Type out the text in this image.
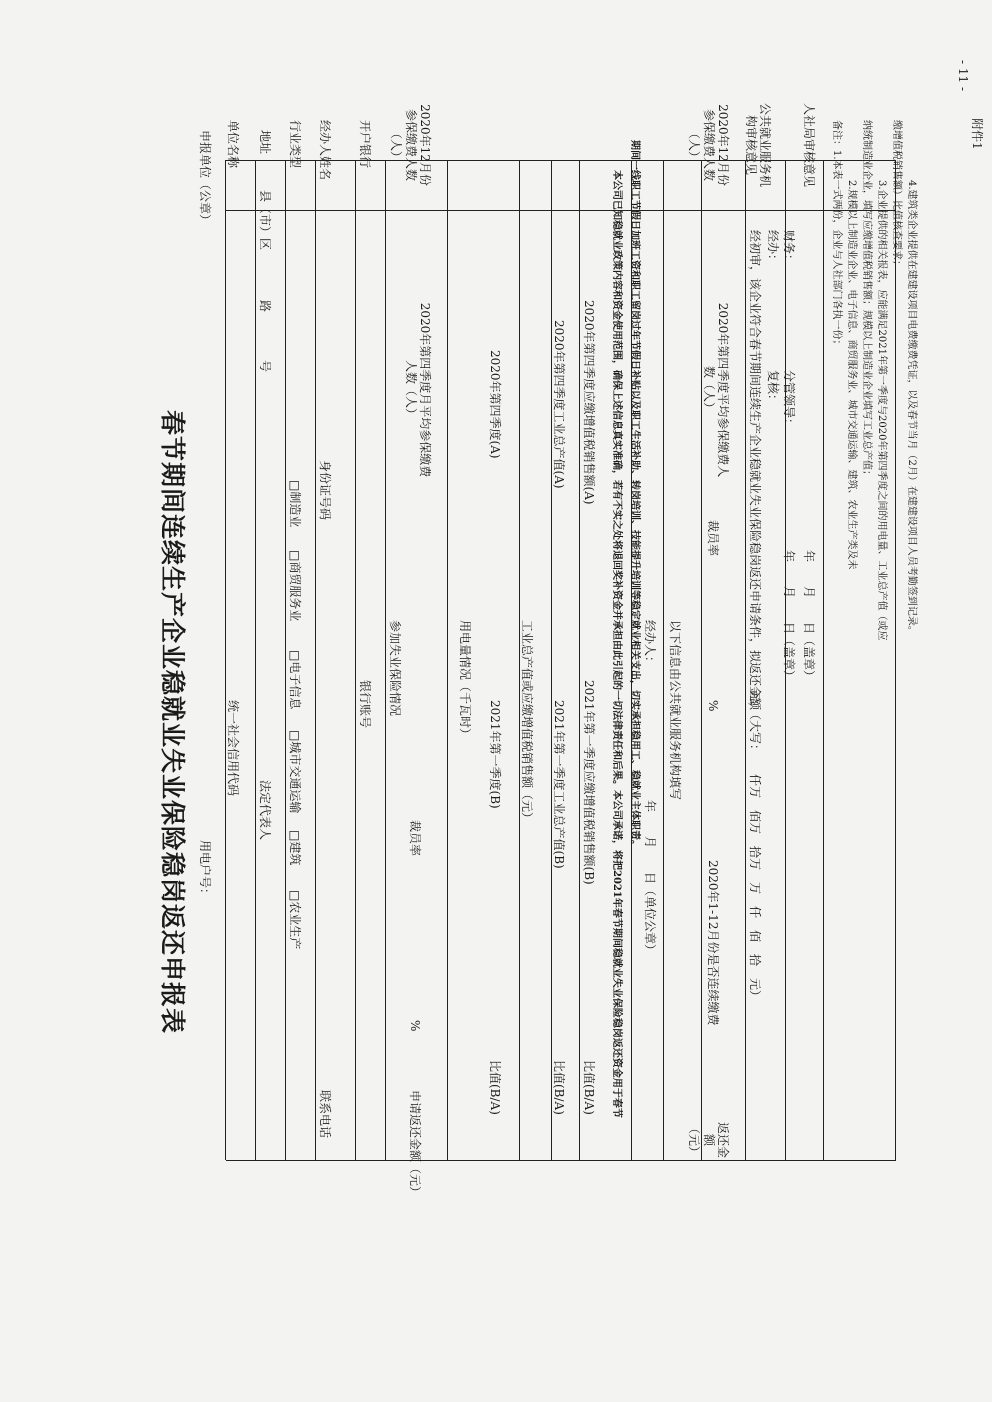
附件1
春节期间连续生产企业稳就业失业保险稳岗返还申报表
- 11 -
申报单位（公章）
用电户号：
单位名称
统一社会信用代码
地址
县（市）区
路
号
法定代表人
行业类型
□制造业
□商贸服务业
□电子信息
□城市交通运输
□建筑
□农业生产
经办人姓名
身份证号码
联系电话
开户银行
银行账号 参加失业保险情况
2020年12月份参保缴费人数（人）
2020年第四季度月平均参保缴费人数（人）
裁员率
%
申请返还金额（元）
用电量情况（千瓦时）
2020年第四季度(A)
2021年第一季度(B)
比值(B/A)
工业总产值或应缴增值税销售额（元）
2020年第四季度工业总产值(A)
2021年第一季度工业总产值(B)
比值(B/A)
2020年第四季度应缴增值税销售额(A)
2021年第一季度应缴增值税销售额(B)
比值(B/A) 本公司已知稳就业政策内容和资金使用范围，确保上述信息真实准确，若有不实之处将退回奖补资金并承担由此引起的一切法律责任和后果。本公司承诺，将把2021年春节期间稳就业失业保险稳岗返还资金用于春节 期间一线职工节假日加班工资和职工留岗过年节假日补贴以及职工生活补助、转岗培训、技能提升培训等稳定就业相关支出，切实承担稳用工、稳就业主体职责。 经办人：
年　　月　　日（单位公章）
以下信息由公共就业服务机构填写
2020年12月份参保缴费人数（人）
2020年第四季度平均参保缴费人数（人）
裁员率
%
2020年1-12月份是否连续缴费
返还金额（元）
公共就业服务机构审核意见
经初审，该企业符合春节期间连续生产企业稳就业失业保险稳岗返还申请条件，拟返还金额
元，（大写：　　仟万　佰万　拾万　万　仟　佰　拾　元）
经办：
复核：
财务：
分管领导：
年　　月　　日（盖章）
人社局审核意见
年　　月　　日（盖章）
备注：1.本表一式两份，企业与人社部门各执一份； 2.规模以上制造业企业、电子信息、商贸服务业、城市交通运输、建筑、农业生产类及未 纳统制造业企业，填写应缴增值税销售额；规模以上制造业企业填写工业总产值； 3.企业提供的相关报表，应能满足2021年第一季度与2020年第四季度之间的用电量、工业总产值（或应 缴增值税销售额）比值核查要求； 4.建筑类企业提供在建建设项目电费缴费凭证，以及春节当月（2月）在建建设项目人员考勤签到记录。
